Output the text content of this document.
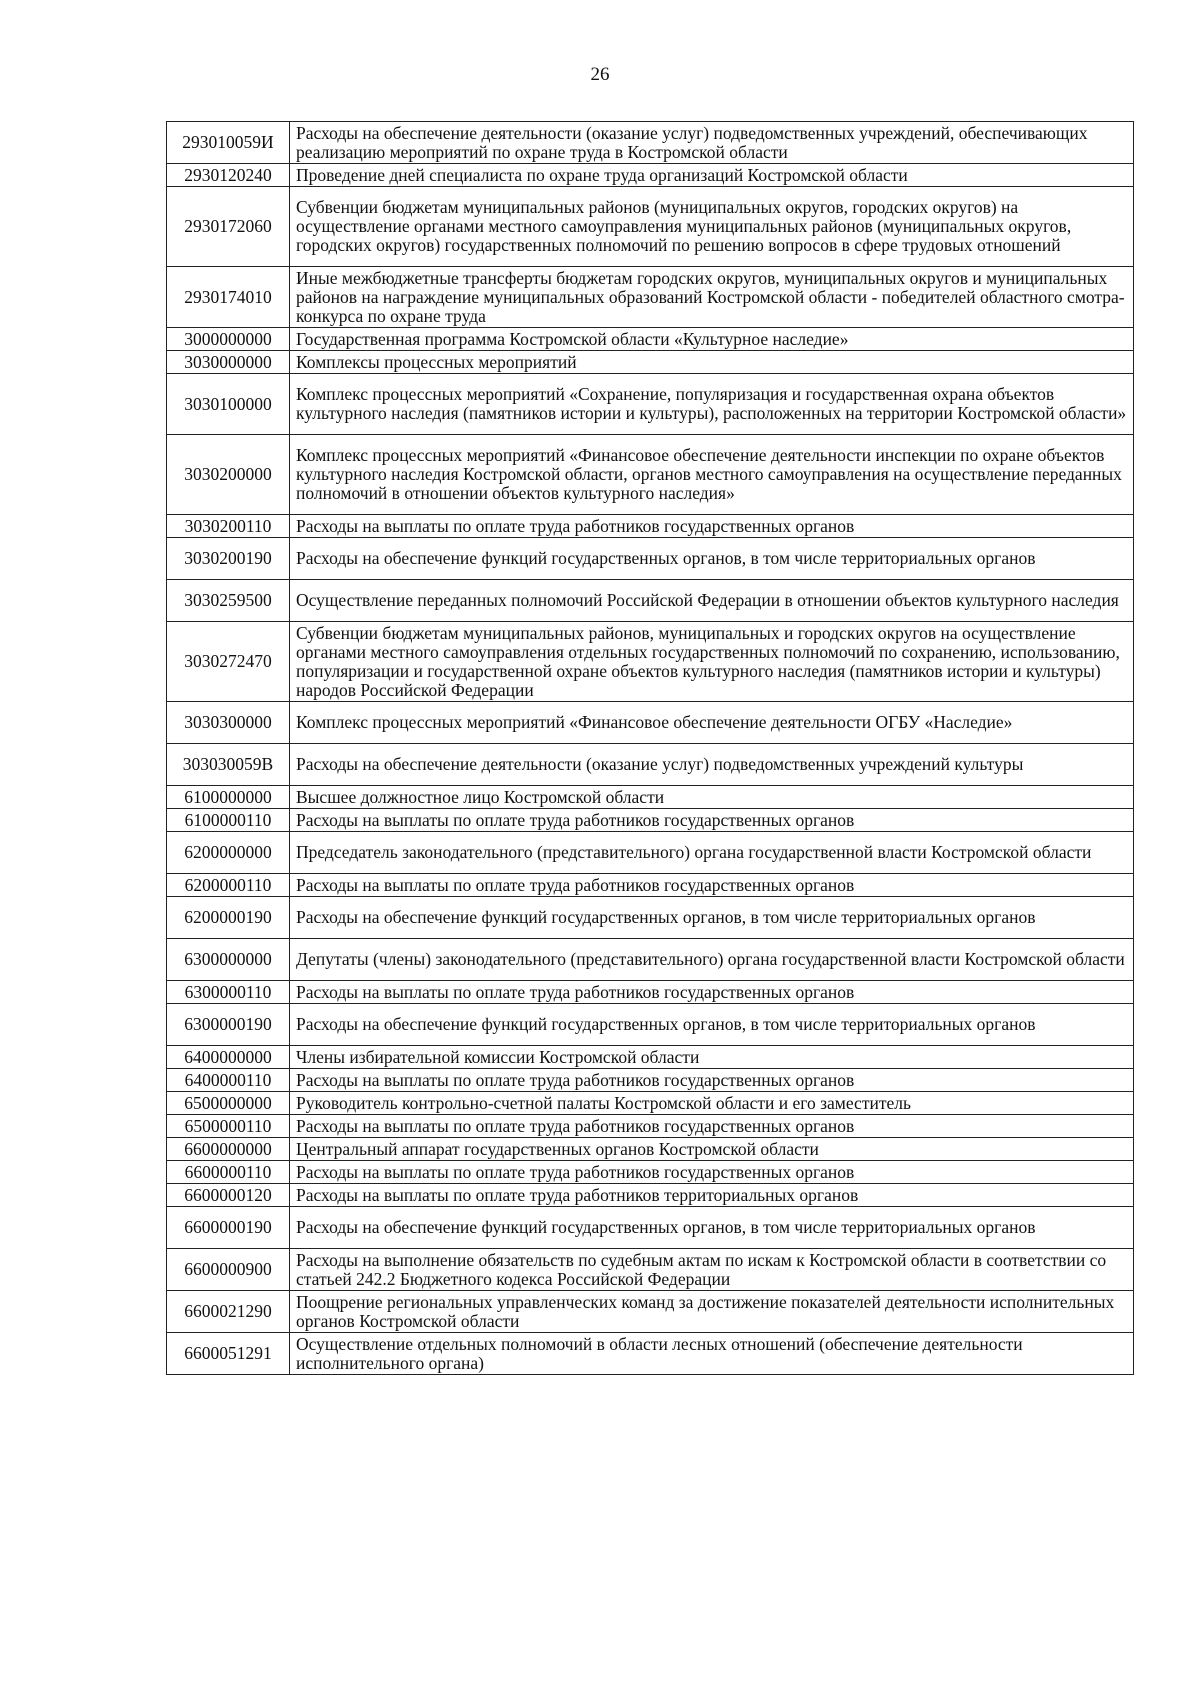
26
293010059И	Расходы на обеспечение деятельности (оказание услуг) подведомственных учреждений, обеспечивающих реализацию мероприятий по охране труда в Костромской области
2930120240	Проведение дней специалиста по охране труда организаций Костромской области
2930172060	Субвенции бюджетам муниципальных районов (муниципальных округов, городских округов) на осуществление органами местного самоуправления муниципальных районов (муниципальных округов, городских округов) государственных полномочий по решению вопросов в сфере трудовых отношений
2930174010	Иные межбюджетные трансферты бюджетам городских округов, муниципальных округов и муниципальных районов на награждение муниципальных образований Костромской области - победителей областного смотра-конкурса по охране труда
3000000000	Государственная программа Костромской области «Культурное наследие»
3030000000	Комплексы процессных мероприятий
3030100000	Комплекс процессных мероприятий «Сохранение, популяризация и государственная охрана объектов культурного наследия (памятников истории и культуры), расположенных на территории Костромской области»
3030200000	Комплекс процессных мероприятий «Финансовое обеспечение деятельности инспекции по охране объектов культурного наследия Костромской области, органов местного самоуправления на осуществление переданных полномочий в отношении объектов культурного наследия»
3030200110	Расходы на выплаты по оплате труда работников государственных органов
3030200190	Расходы на обеспечение функций государственных органов, в том числе территориальных органов
3030259500	Осуществление переданных полномочий Российской Федерации в отношении объектов культурного наследия
3030272470	Субвенции бюджетам муниципальных районов, муниципальных и городских округов на осуществление органами местного самоуправления отдельных государственных полномочий по сохранению, использованию, популяризации и государственной охране объектов культурного наследия (памятников истории и культуры) народов Российской Федерации
3030300000	Комплекс процессных мероприятий «Финансовое обеспечение деятельности ОГБУ «Наследие»
303030059В	Расходы на обеспечение деятельности (оказание услуг) подведомственных учреждений культуры
6100000000	Высшее должностное лицо Костромской области
6100000110	Расходы на выплаты по оплате труда работников государственных органов
6200000000	Председатель законодательного (представительного) органа государственной власти Костромской области
6200000110	Расходы на выплаты по оплате труда работников государственных органов
6200000190	Расходы на обеспечение функций государственных органов, в том числе территориальных органов
6300000000	Депутаты (члены) законодательного (представительного) органа государственной власти Костромской области
6300000110	Расходы на выплаты по оплате труда работников государственных органов
6300000190	Расходы на обеспечение функций государственных органов, в том числе территориальных органов
6400000000	Члены избирательной комиссии Костромской области
6400000110	Расходы на выплаты по оплате труда работников государственных органов
6500000000	Руководитель контрольно-счетной палаты Костромской области и его заместитель
6500000110	Расходы на выплаты по оплате труда работников государственных органов
6600000000	Центральный аппарат государственных органов Костромской области
6600000110	Расходы на выплаты по оплате труда работников государственных органов
6600000120	Расходы на выплаты по оплате труда работников территориальных органов
6600000190	Расходы на обеспечение функций государственных органов, в том числе территориальных органов
6600000900	Расходы на выполнение обязательств по судебным актам по искам к Костромской области в соответствии со статьей 242.2 Бюджетного кодекса Российской Федерации
6600021290	Поощрение региональных управленческих команд за достижение показателей деятельности исполнительных органов Костромской области
6600051291	Осуществление отдельных полномочий в области лесных отношений (обеспечение деятельности исполнительного органа)
